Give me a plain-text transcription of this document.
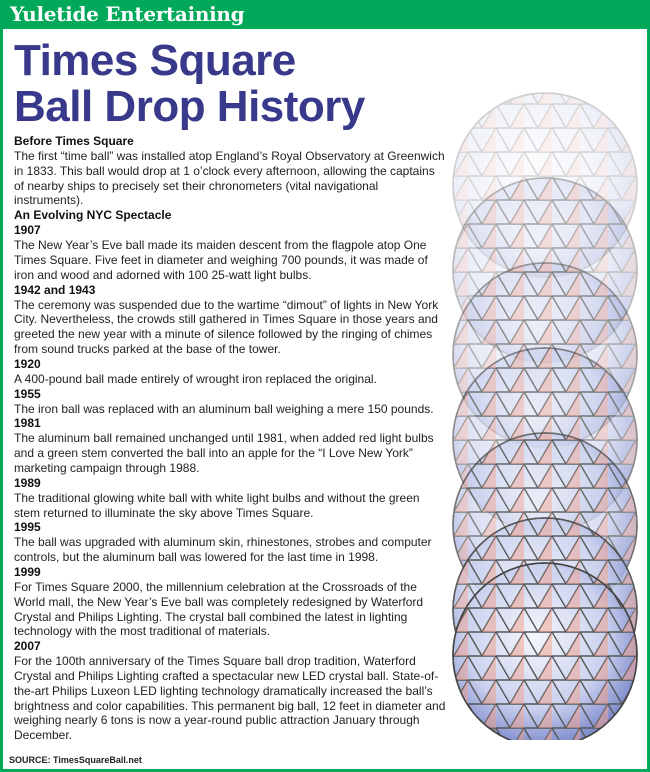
Yuletide Entertaining
Times Square
Ball Drop History
Before Times Square

The first “time ball” was installed atop England’s Royal Observatory at Greenwich in 1833. This ball would drop at 1 o’clock every afternoon, allowing the captains of nearby ships to precisely set their chronometers (vital navigational instruments).

An Evolving NYC Spectacle
1907

The New Year’s Eve ball made its maiden descent from the flagpole atop One Times Square. Five feet in diameter and weighing 700 pounds, it was made of iron and wood and adorned with 100 25-watt light bulbs.

1942 and 1943

The ceremony was suspended due to the wartime “dimout” of lights in New York City. Nevertheless, the crowds still gathered in Times Square in those years and greeted the new year with a minute of silence followed by the ringing of chimes from sound trucks parked at the base of the tower.

1920

A 400-pound ball made entirely of wrought iron replaced the original.

1955

The iron ball was replaced with an aluminum ball weighing a mere 150 pounds.

1981

The aluminum ball remained unchanged until 1981, when added red light bulbs and a green stem converted the ball into an apple for the “I Love New York” marketing campaign through 1988.

1989

The traditional glowing white ball with white light bulbs and without the green stem returned to illuminate the sky above Times Square.

1995

The ball was upgraded with aluminum skin, rhinestones, strobes and computer controls, but the aluminum ball was lowered for the last time in 1998.

1999

For Times Square 2000, the millennium celebration at the Crossroads of the World mall, the New Year’s Eve ball was completely redesigned by Waterford Crystal and Philips Lighting. The crystal ball combined the latest in lighting technology with the most traditional of materials.

2007

For the 100th anniversary of the Times Square ball drop tradition, Waterford Crystal and Philips Lighting crafted a spectacular new LED crystal ball. State-of-the-art Philips Luxeon LED lighting technology dramatically increased the ball’s brightness and color capabilities. This permanent big ball, 12 feet in diameter and weighing nearly 6 tons is now a year-round public attraction January through December.

SOURCE: TimesSquareBall.net
